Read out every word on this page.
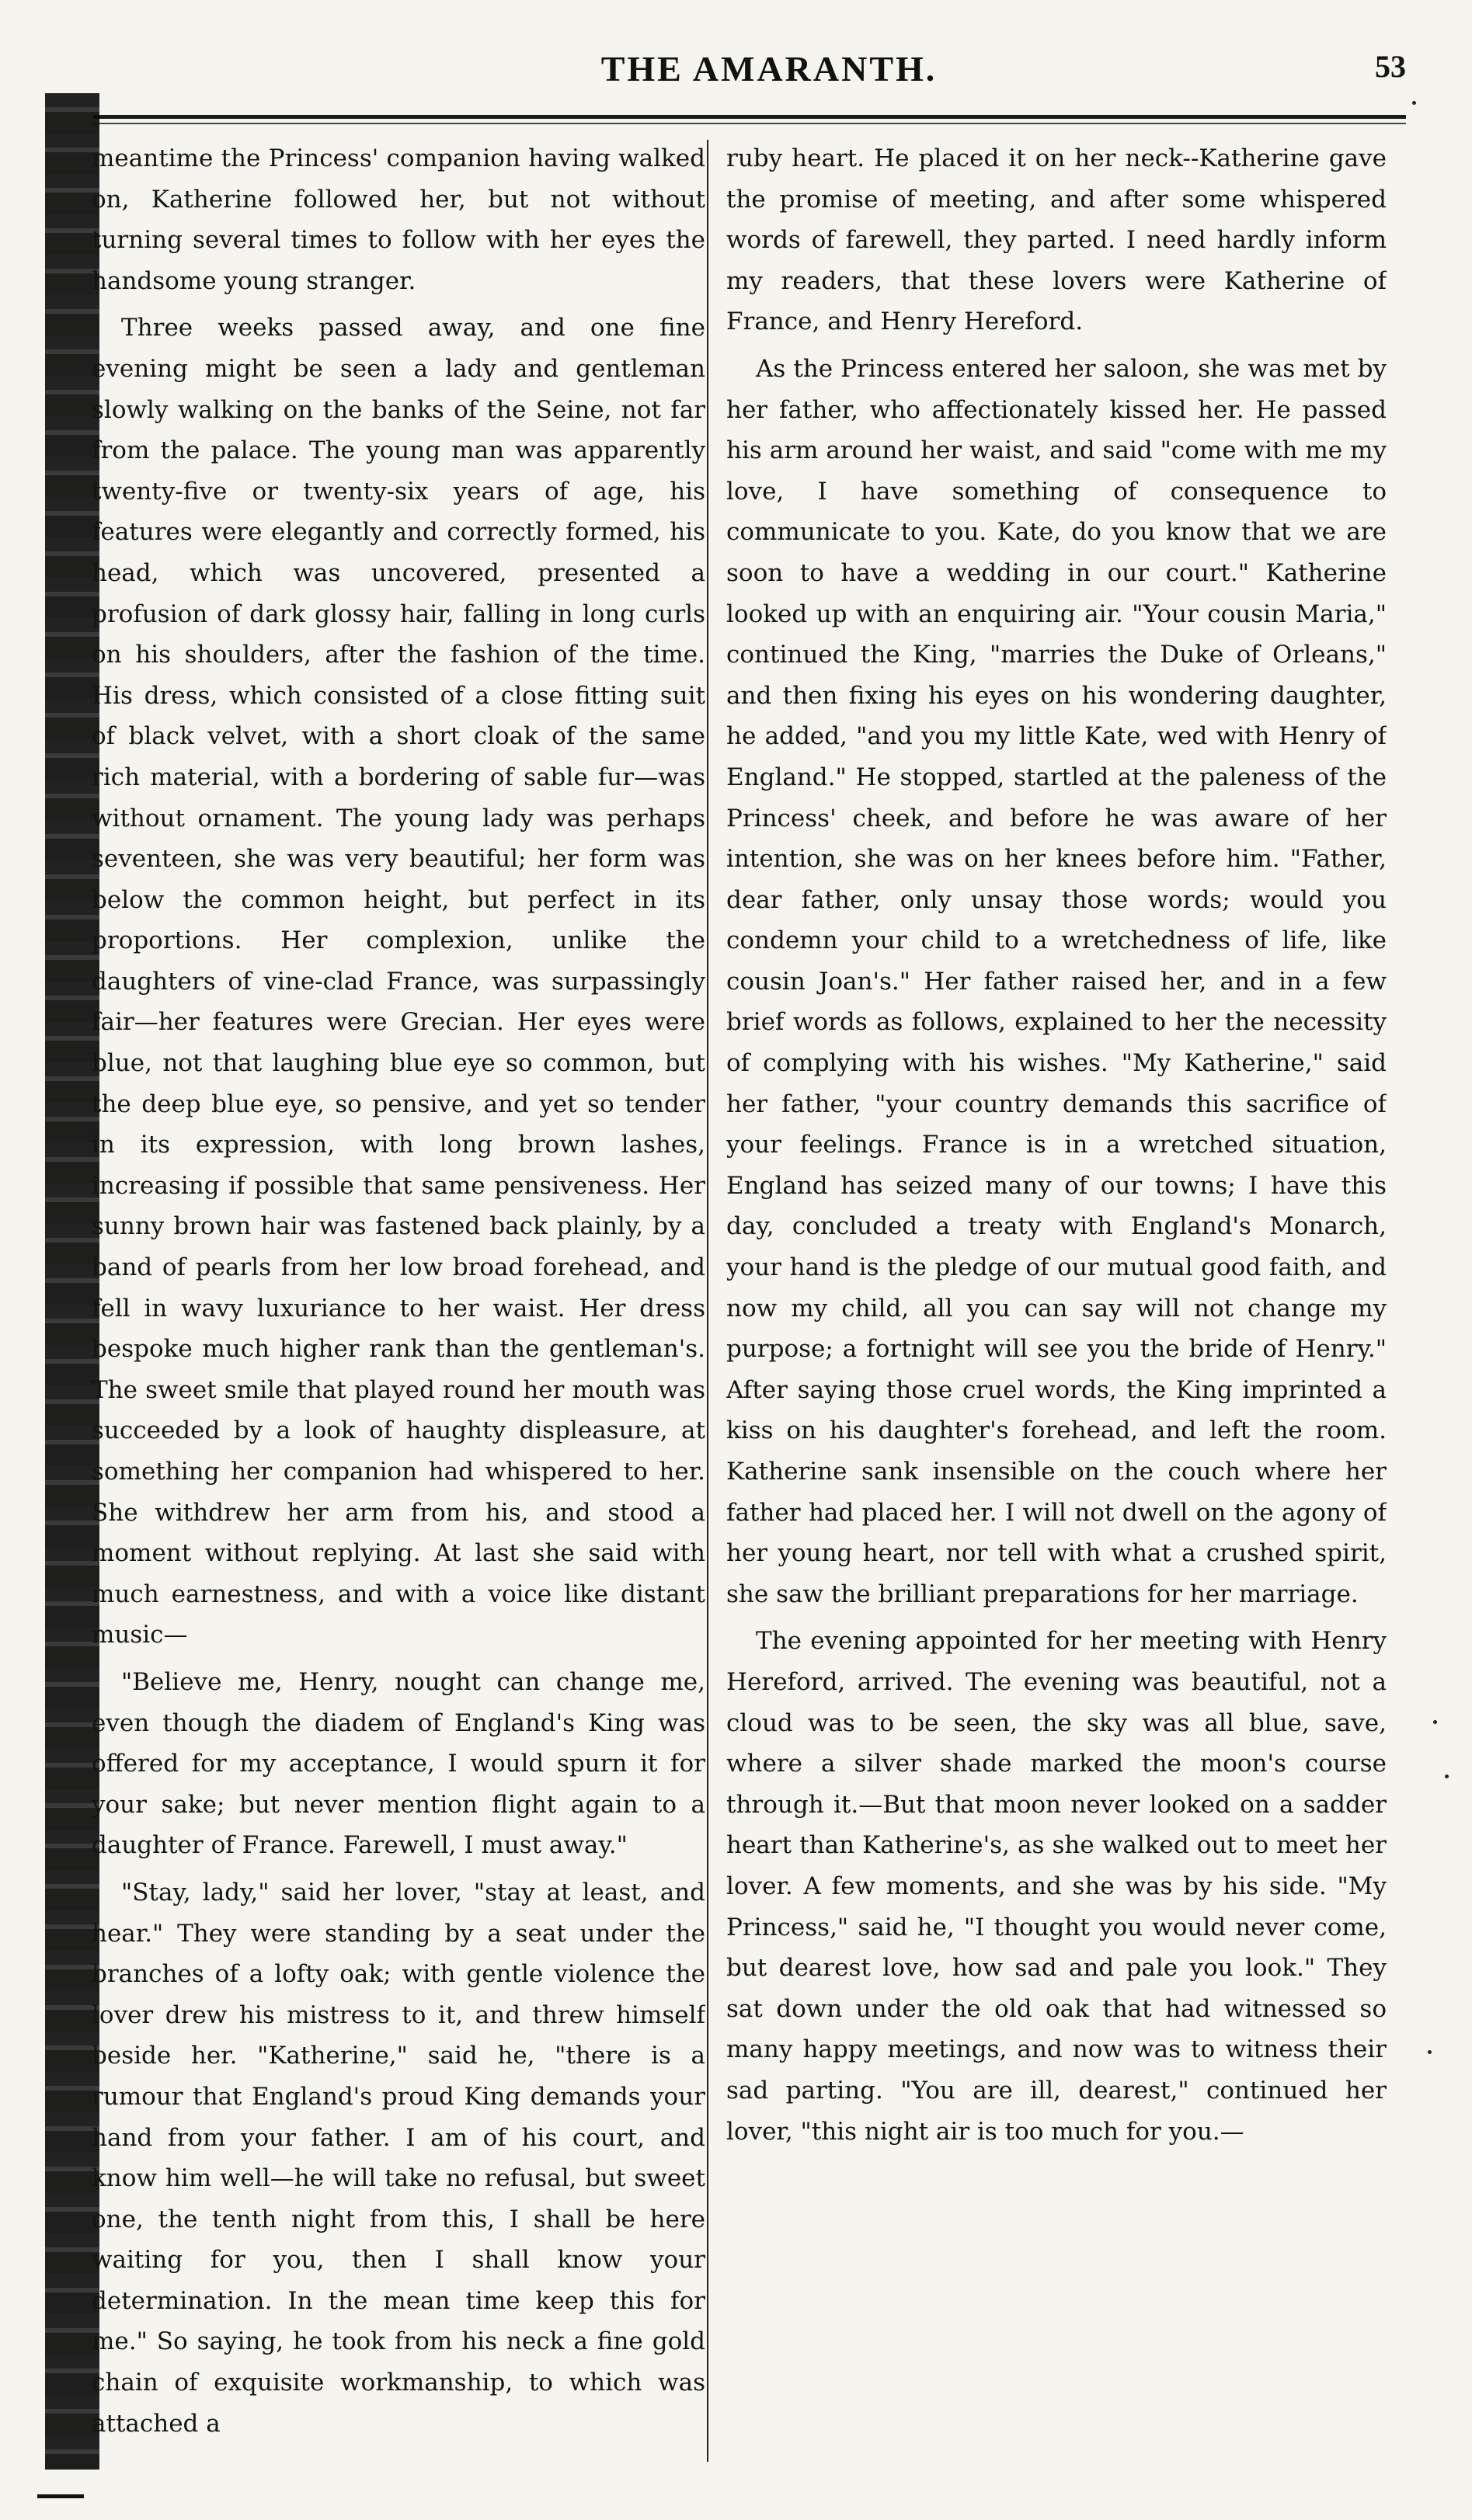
THE AMARANTH.	53

meantime the Princess' companion having walked on, Katherine followed her, but not without turning several times to follow with her eyes the handsome young stranger.

Three weeks passed away, and one fine evening might be seen a lady and gentleman slowly walking on the banks of the Seine, not far from the palace. The young man was apparently twenty-five or twenty-six years of age, his features were elegantly and correctly formed, his head, which was uncovered, presented a profusion of dark glossy hair, falling in long curls on his shoulders, after the fashion of the time. His dress, which consisted of a close fitting suit of black velvet, with a short cloak of the same rich material, with a bordering of sable fur—was without ornament. The young lady was perhaps seventeen, she was very beautiful; her form was below the common height, but perfect in its proportions. Her complexion, unlike the daughters of vine-clad France, was surpassingly fair—her features were Grecian. Her eyes were blue, not that laughing blue eye so common, but the deep blue eye, so pensive, and yet so tender in its expression, with long brown lashes, increasing if possible that same pensiveness. Her sunny brown hair was fastened back plainly, by a band of pearls from her low broad forehead, and fell in wavy luxuriance to her waist. Her dress bespoke much higher rank than the gentleman's. The sweet smile that played round her mouth was succeeded by a look of haughty displeasure, at something her companion had whispered to her. She withdrew her arm from his, and stood a moment without replying. At last she said with much earnestness, and with a voice like distant music—

"Believe me, Henry, nought can change me, even though the diadem of England's King was offered for my acceptance, I would spurn it for your sake; but never mention flight again to a daughter of France. Farewell, I must away."

"Stay, lady," said her lover, "stay at least, and hear." They were standing by a seat under the branches of a lofty oak; with gentle violence the lover drew his mistress to it, and threw himself beside her. "Katherine," said he, "there is a rumour that England's proud King demands your hand from your father. I am of his court, and know him well—he will take no refusal, but sweet one, the tenth night from this, I shall be here waiting for you, then I shall know your determination. In the mean time keep this for me." So saying, he took from his neck a fine gold chain of exquisite workmanship, to which was attached a

ruby heart. He placed it on her neck--Katherine gave the promise of meeting, and after some whispered words of farewell, they parted. I need hardly inform my readers, that these lovers were Katherine of France, and Henry Hereford.

As the Princess entered her saloon, she was met by her father, who affectionately kissed her. He passed his arm around her waist, and said "come with me my love, I have something of consequence to communicate to you. Kate, do you know that we are soon to have a wedding in our court." Katherine looked up with an enquiring air. "Your cousin Maria," continued the King, "marries the Duke of Orleans," and then fixing his eyes on his wondering daughter, he added, "and you my little Kate, wed with Henry of England." He stopped, startled at the paleness of the Princess' cheek, and before he was aware of her intention, she was on her knees before him. "Father, dear father, only unsay those words; would you condemn your child to a wretchedness of life, like cousin Joan's." Her father raised her, and in a few brief words as follows, explained to her the necessity of complying with his wishes. "My Katherine," said her father, "your country demands this sacrifice of your feelings. France is in a wretched situation, England has seized many of our towns; I have this day, concluded a treaty with England's Monarch, your hand is the pledge of our mutual good faith, and now my child, all you can say will not change my purpose; a fortnight will see you the bride of Henry." After saying those cruel words, the King imprinted a kiss on his daughter's forehead, and left the room. Katherine sank insensible on the couch where her father had placed her. I will not dwell on the agony of her young heart, nor tell with what a crushed spirit, she saw the brilliant preparations for her marriage.

The evening appointed for her meeting with Henry Hereford, arrived. The evening was beautiful, not a cloud was to be seen, the sky was all blue, save, where a silver shade marked the moon's course through it.—But that moon never looked on a sadder heart than Katherine's, as she walked out to meet her lover. A few moments, and she was by his side. "My Princess," said he, "I thought you would never come, but dearest love, how sad and pale you look." They sat down under the old oak that had witnessed so many happy meetings, and now was to witness their sad parting. "You are ill, dearest," continued her lover, "this night air is too much for you.—
